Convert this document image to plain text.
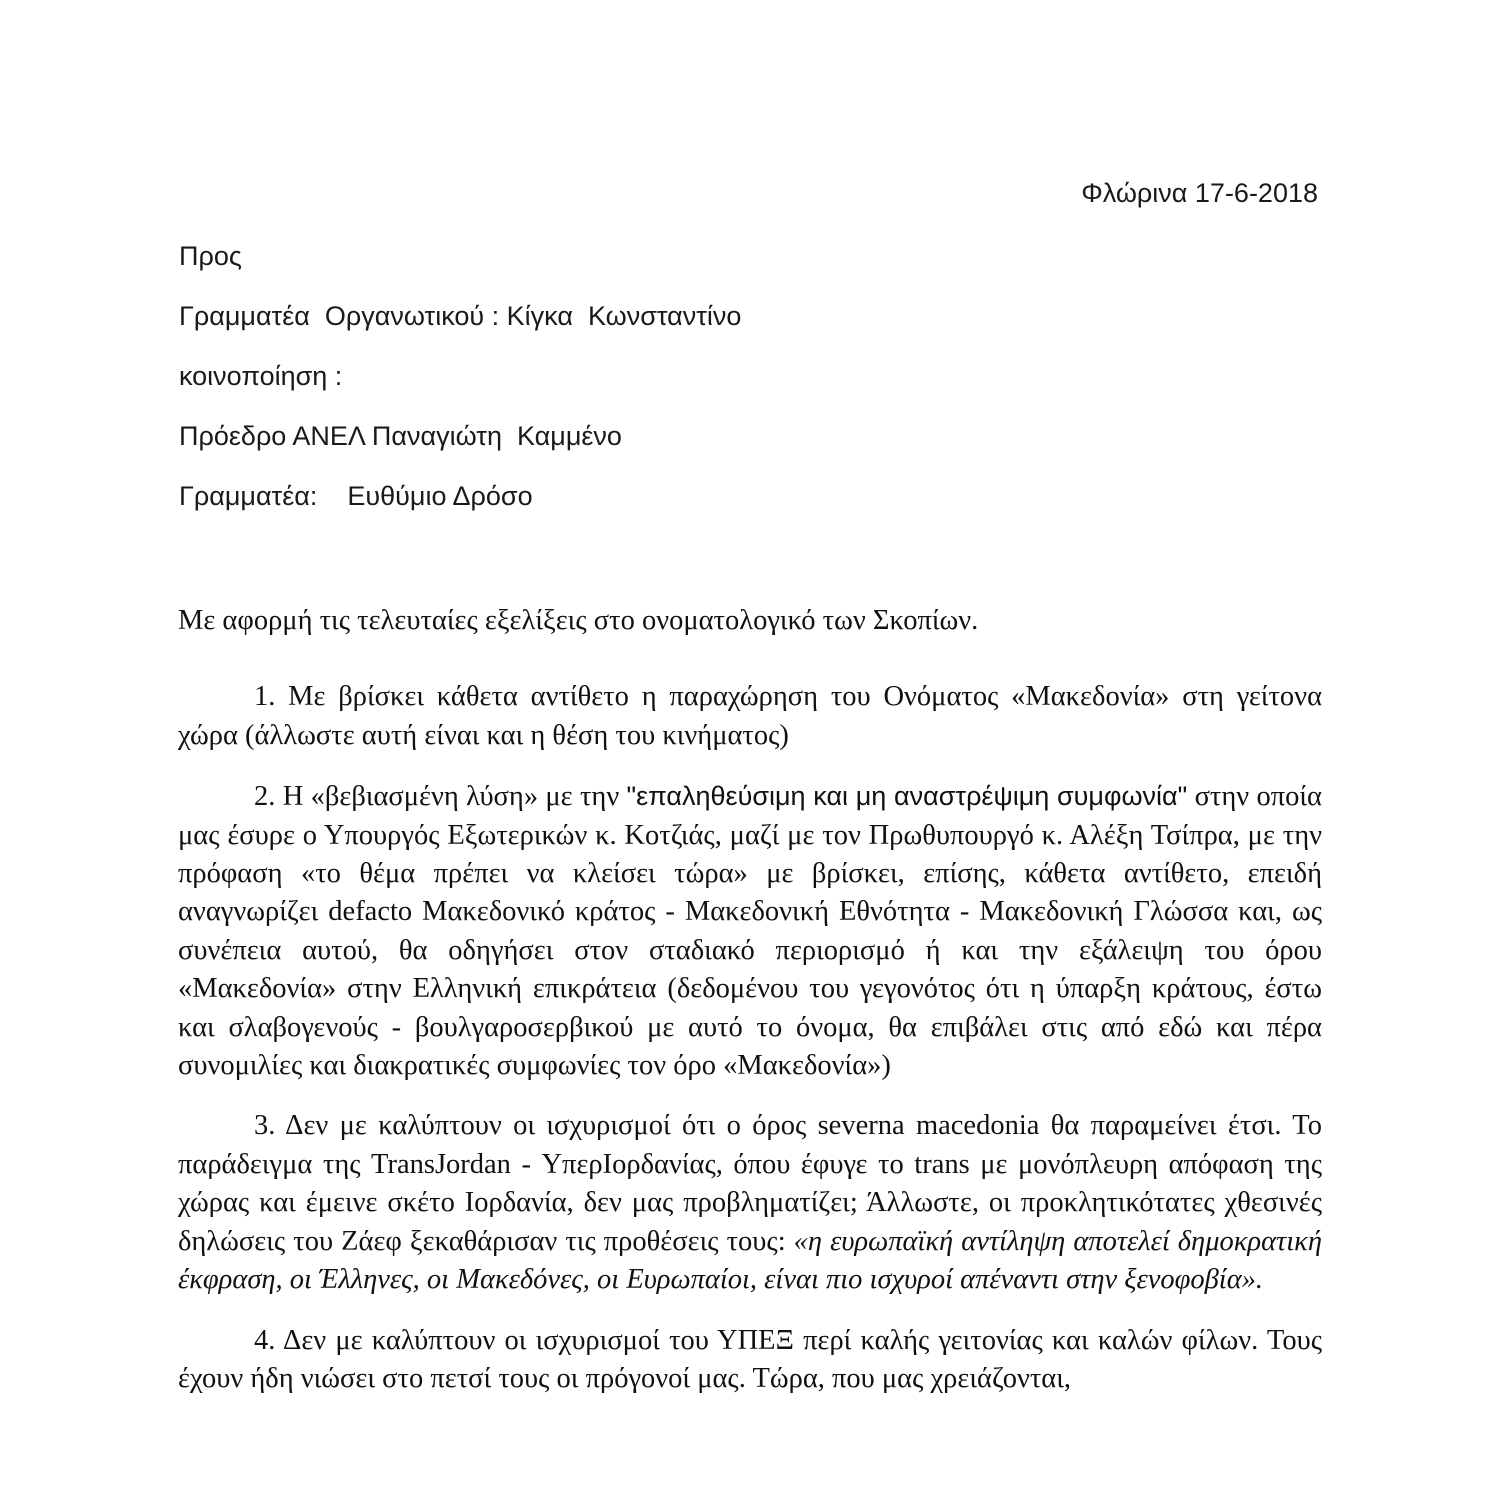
Φλώρινα 17-6-2018
Προς
Γραμματέα  Οργανωτικού : Κίγκα  Κωνσταντίνο
κοινοποίηση :
Πρόεδρο ΑΝΕΛ Παναγιώτη  Καμμένο
Γραμματέα:    Ευθύμιο Δρόσο

Με αφορμή τις τελευταίες εξελίξεις στο ονοματολογικό των Σκοπίων.

1. Με βρίσκει κάθετα αντίθετο η παραχώρηση του Ονόματος «Μακεδονία» στη γείτονα χώρα (άλλωστε αυτή είναι και η θέση του κινήματος)

2. Η «βεβιασμένη λύση» με την "επαληθεύσιμη και μη αναστρέψιμη συμφωνία" στην οποία μας έσυρε ο Υπουργός Εξωτερικών κ. Κοτζιάς, μαζί με τον Πρωθυπουργό κ. Αλέξη Τσίπρα, με την πρόφαση «το θέμα πρέπει να κλείσει τώρα» με βρίσκει, επίσης, κάθετα αντίθετο, επειδή αναγνωρίζει defacto Μακεδονικό κράτος - Μακεδονική Εθνότητα - Μακεδονική Γλώσσα και, ως συνέπεια αυτού, θα οδηγήσει στον σταδιακό περιορισμό ή και την εξάλειψη του όρου «Μακεδονία» στην Ελληνική επικράτεια (δεδομένου του γεγονότος ότι η ύπαρξη κράτους, έστω και σλαβογενούς - βουλγαροσερβικού με αυτό το όνομα, θα επιβάλει στις από εδώ και πέρα συνομιλίες και διακρατικές συμφωνίες τον όρο «Μακεδονία»)

3. Δεν με καλύπτουν οι ισχυρισμοί ότι ο όρος severna macedonia θα παραμείνει έτσι. Το παράδειγμα της TransJordan - ΥπερΙορδανίας, όπου έφυγε το trans με μονόπλευρη απόφαση της χώρας και έμεινε σκέτο Ιορδανία, δεν μας προβληματίζει; Άλλωστε, οι προκλητικότατες χθεσινές δηλώσεις του Ζάεφ ξεκαθάρισαν τις προθέσεις τους: «η ευρωπαϊκή αντίληψη αποτελεί δημοκρατική έκφραση, οι Έλληνες, οι Μακεδόνες, οι Ευρωπαίοι, είναι πιο ισχυροί απέναντι στην ξενοφοβία».

4. Δεν με καλύπτουν οι ισχυρισμοί του ΥΠΕΞ περί καλής γειτονίας και καλών φίλων. Τους έχουν ήδη νιώσει στο πετσί τους οι πρόγονοί μας. Τώρα, που μας χρειάζονται,
